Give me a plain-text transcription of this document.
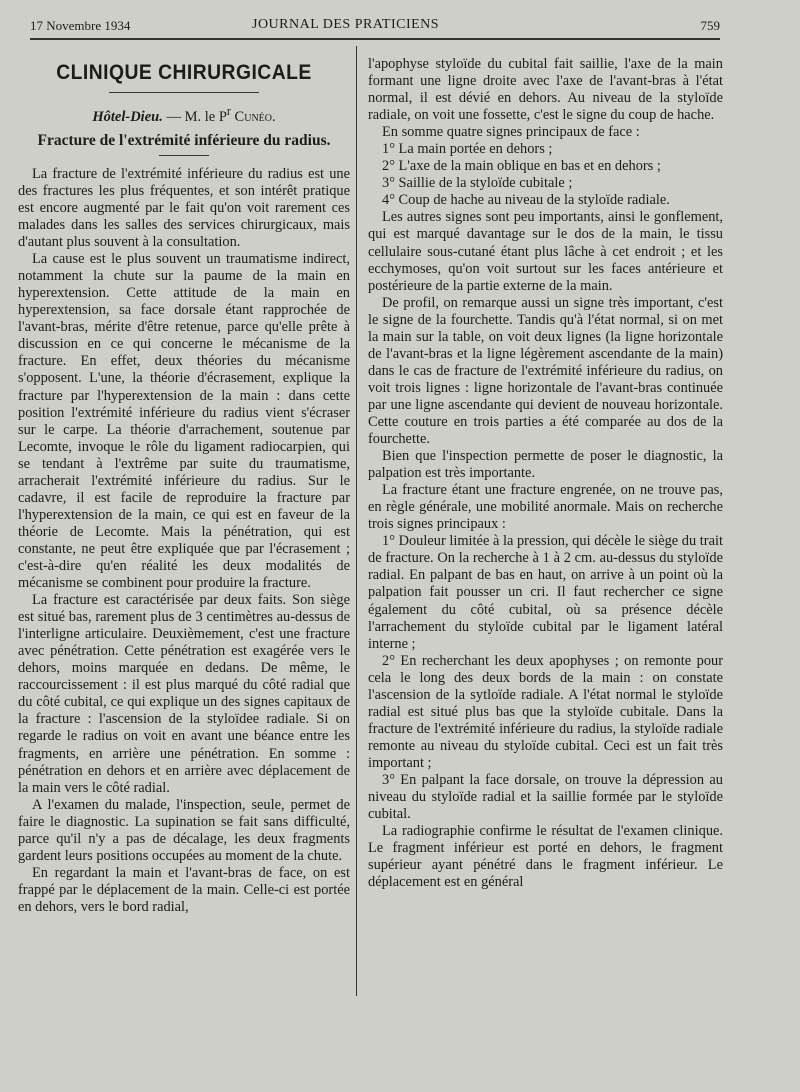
17 Novembre 1934	JOURNAL DES PRATICIENS	759
CLINIQUE CHIRURGICALE
Hôtel-Dieu. — M. le $P^r$ Cunéo.
Fracture de l'extrémité inférieure du radius.

La fracture de l'extrémité inférieure du radius est une des fractures les plus fréquentes, et son intérêt pratique est encore augmenté par le fait qu'on voit rarement ces malades dans les salles des services chirurgicaux, mais d'autant plus souvent à la consultation.

La cause est le plus souvent un traumatisme indirect, notamment la chute sur la paume de la main en hyperextension. Cette attitude de la main en hyperextension, sa face dorsale étant rapprochée de l'avant-bras, mérite d'être retenue, parce qu'elle prête à discussion en ce qui concerne le mécanisme de la fracture. En effet, deux théories du mécanisme s'opposent. L'une, la théorie d'écrasement, explique la fracture par l'hyperextension de la main : dans cette position l'extrémité inférieure du radius vient s'écraser sur le carpe. La théorie d'arrachement, soutenue par Lecomte, invoque le rôle du ligament radiocarpien, qui se tendant à l'extrême par suite du traumatisme, arracherait l'extrémité inférieure du radius. Sur le cadavre, il est facile de reproduire la fracture par l'hyperextension de la main, ce qui est en faveur de la théorie de Lecomte. Mais la pénétration, qui est constante, ne peut être expliquée que par l'écrasement ; c'est-à-dire qu'en réalité les deux modalités de mécanisme se combinent pour produire la fracture.

La fracture est caractérisée par deux faits. Son siège est situé bas, rarement plus de 3 centimètres au-dessus de l'interligne articulaire. Deuxièmement, c'est une fracture avec pénétration. Cette pénétration est exagérée vers le dehors, moins marquée en dedans. De même, le raccourcissement : il est plus marqué du côté radial que du côté cubital, ce qui explique un des signes capitaux de la fracture : l'ascension de la styloïdee radiale. Si on regarde le radius on voit en avant une béance entre les fragments, en arrière une pénétration. En somme : pénétration en dehors et en arrière avec déplacement de la main vers le côté radial.

A l'examen du malade, l'inspection, seule, permet de faire le diagnostic. La supination se fait sans difficulté, parce qu'il n'y a pas de décalage, les deux fragments gardent leurs positions occupées au moment de la chute.

En regardant la main et l'avant-bras de face, on est frappé par le déplacement de la main. Celle-ci est portée en dehors, vers le bord radial,

l'apophyse styloïde du cubital fait saillie, l'axe de la main formant une ligne droite avec l'axe de l'avant-bras à l'état normal, il est dévié en dehors. Au niveau de la styloïde radiale, on voit une fossette, c'est le signe du coup de hache.

En somme quatre signes principaux de face :

1° La main portée en dehors ;

2° L'axe de la main oblique en bas et en dehors ;

3° Saillie de la styloïde cubitale ;

4° Coup de hache au niveau de la styloïde radiale.

Les autres signes sont peu importants, ainsi le gonflement, qui est marqué davantage sur le dos de la main, le tissu cellulaire sous-cutané étant plus lâche à cet endroit ; et les ecchymoses, qu'on voit surtout sur les faces antérieure et postérieure de la partie externe de la main.

De profil, on remarque aussi un signe très important, c'est le signe de la fourchette. Tandis qu'à l'état normal, si on met la main sur la table, on voit deux lignes (la ligne horizontale de l'avant-bras et la ligne légèrement ascendante de la main) dans le cas de fracture de l'extrémité inférieure du radius, on voit trois lignes : ligne horizontale de l'avant-bras continuée par une ligne ascendante qui devient de nouveau horizontale. Cette couture en trois parties a été comparée au dos de la fourchette.

Bien que l'inspection permette de poser le diagnostic, la palpation est très importante.

La fracture étant une fracture engrenée, on ne trouve pas, en règle générale, une mobilité anormale. Mais on recherche trois signes principaux :

1° Douleur limitée à la pression, qui décèle le siège du trait de fracture. On la recherche à 1 à 2 cm. au-dessus du styloïde radial. En palpant de bas en haut, on arrive à un point où la palpation fait pousser un cri. Il faut rechercher ce signe également du côté cubital, où sa présence décèle l'arrachement du styloïde cubital par le ligament latéral interne ;

2° En recherchant les deux apophyses ; on remonte pour cela le long des deux bords de la main : on constate l'ascension de la sytloïde radiale. A l'état normal le styloïde radial est situé plus bas que la styloïde cubitale. Dans la fracture de l'extrémité inférieure du radius, la styloïde radiale remonte au niveau du styloïde cubital. Ceci est un fait très important ;

3° En palpant la face dorsale, on trouve la dépression au niveau du styloïde radial et la saillie formée par le styloïde cubital.

La radiographie confirme le résultat de l'examen clinique. Le fragment inférieur est porté en dehors, le fragment supérieur ayant pénétré dans le fragment inférieur. Le déplacement est en général
